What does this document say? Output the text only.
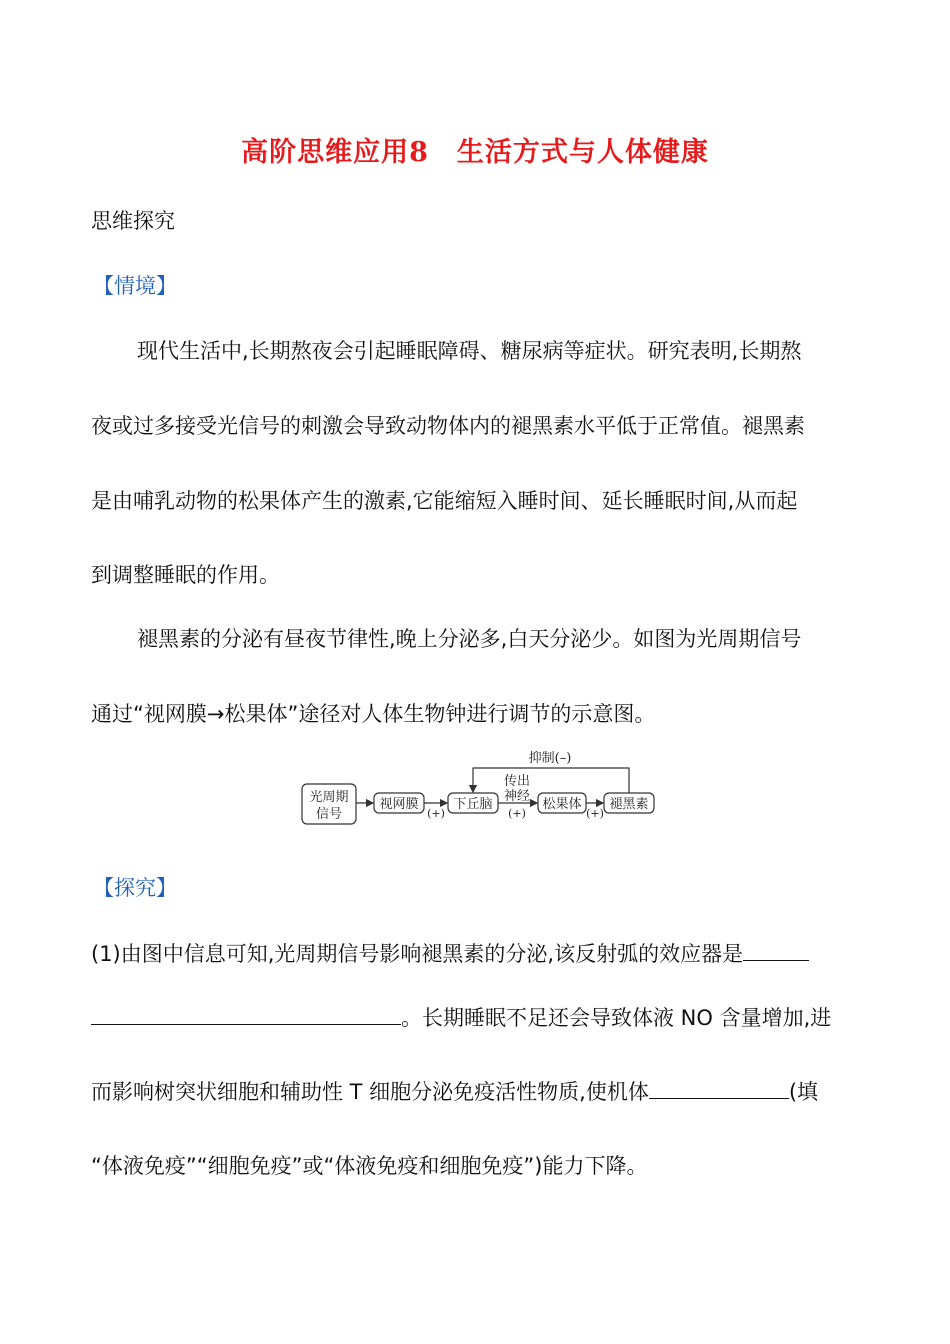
高阶思维应用8 生活方式与人体健康
思维探究
【情境】
现代生活中,长期熬夜会引起睡眠障碍、糖尿病等症状。研究表明,长期熬
夜或过多接受光信号的刺激会导致动物体内的褪黑素水平低于正常值。褪黑素
是由哺乳动物的松果体产生的激素,它能缩短入睡时间、延长睡眠时间,从而起
到调整睡眠的作用。
褪黑素的分泌有昼夜节律性,晚上分泌多,白天分泌少。如图为光周期信号
通过“视网膜→松果体”途径对人体生物钟进行调节的示意图。
光周期
信号
视网膜	下丘脑	松果体 褪黑素
(+)	(+)	(+)
传出
神经
抑制(–)
【探究】
(1)由图中信息可知,光周期信号影响褪黑素的分泌,该反射弧的效应器是
。长期睡眠不足还会导致体液 NO 含量增加,进
而影响树突状细胞和辅助性 T 细胞分泌免疫活性物质,使机体	(填
“体液免疫”“细胞免疫”或“体液免疫和细胞免疫”)能力下降。
